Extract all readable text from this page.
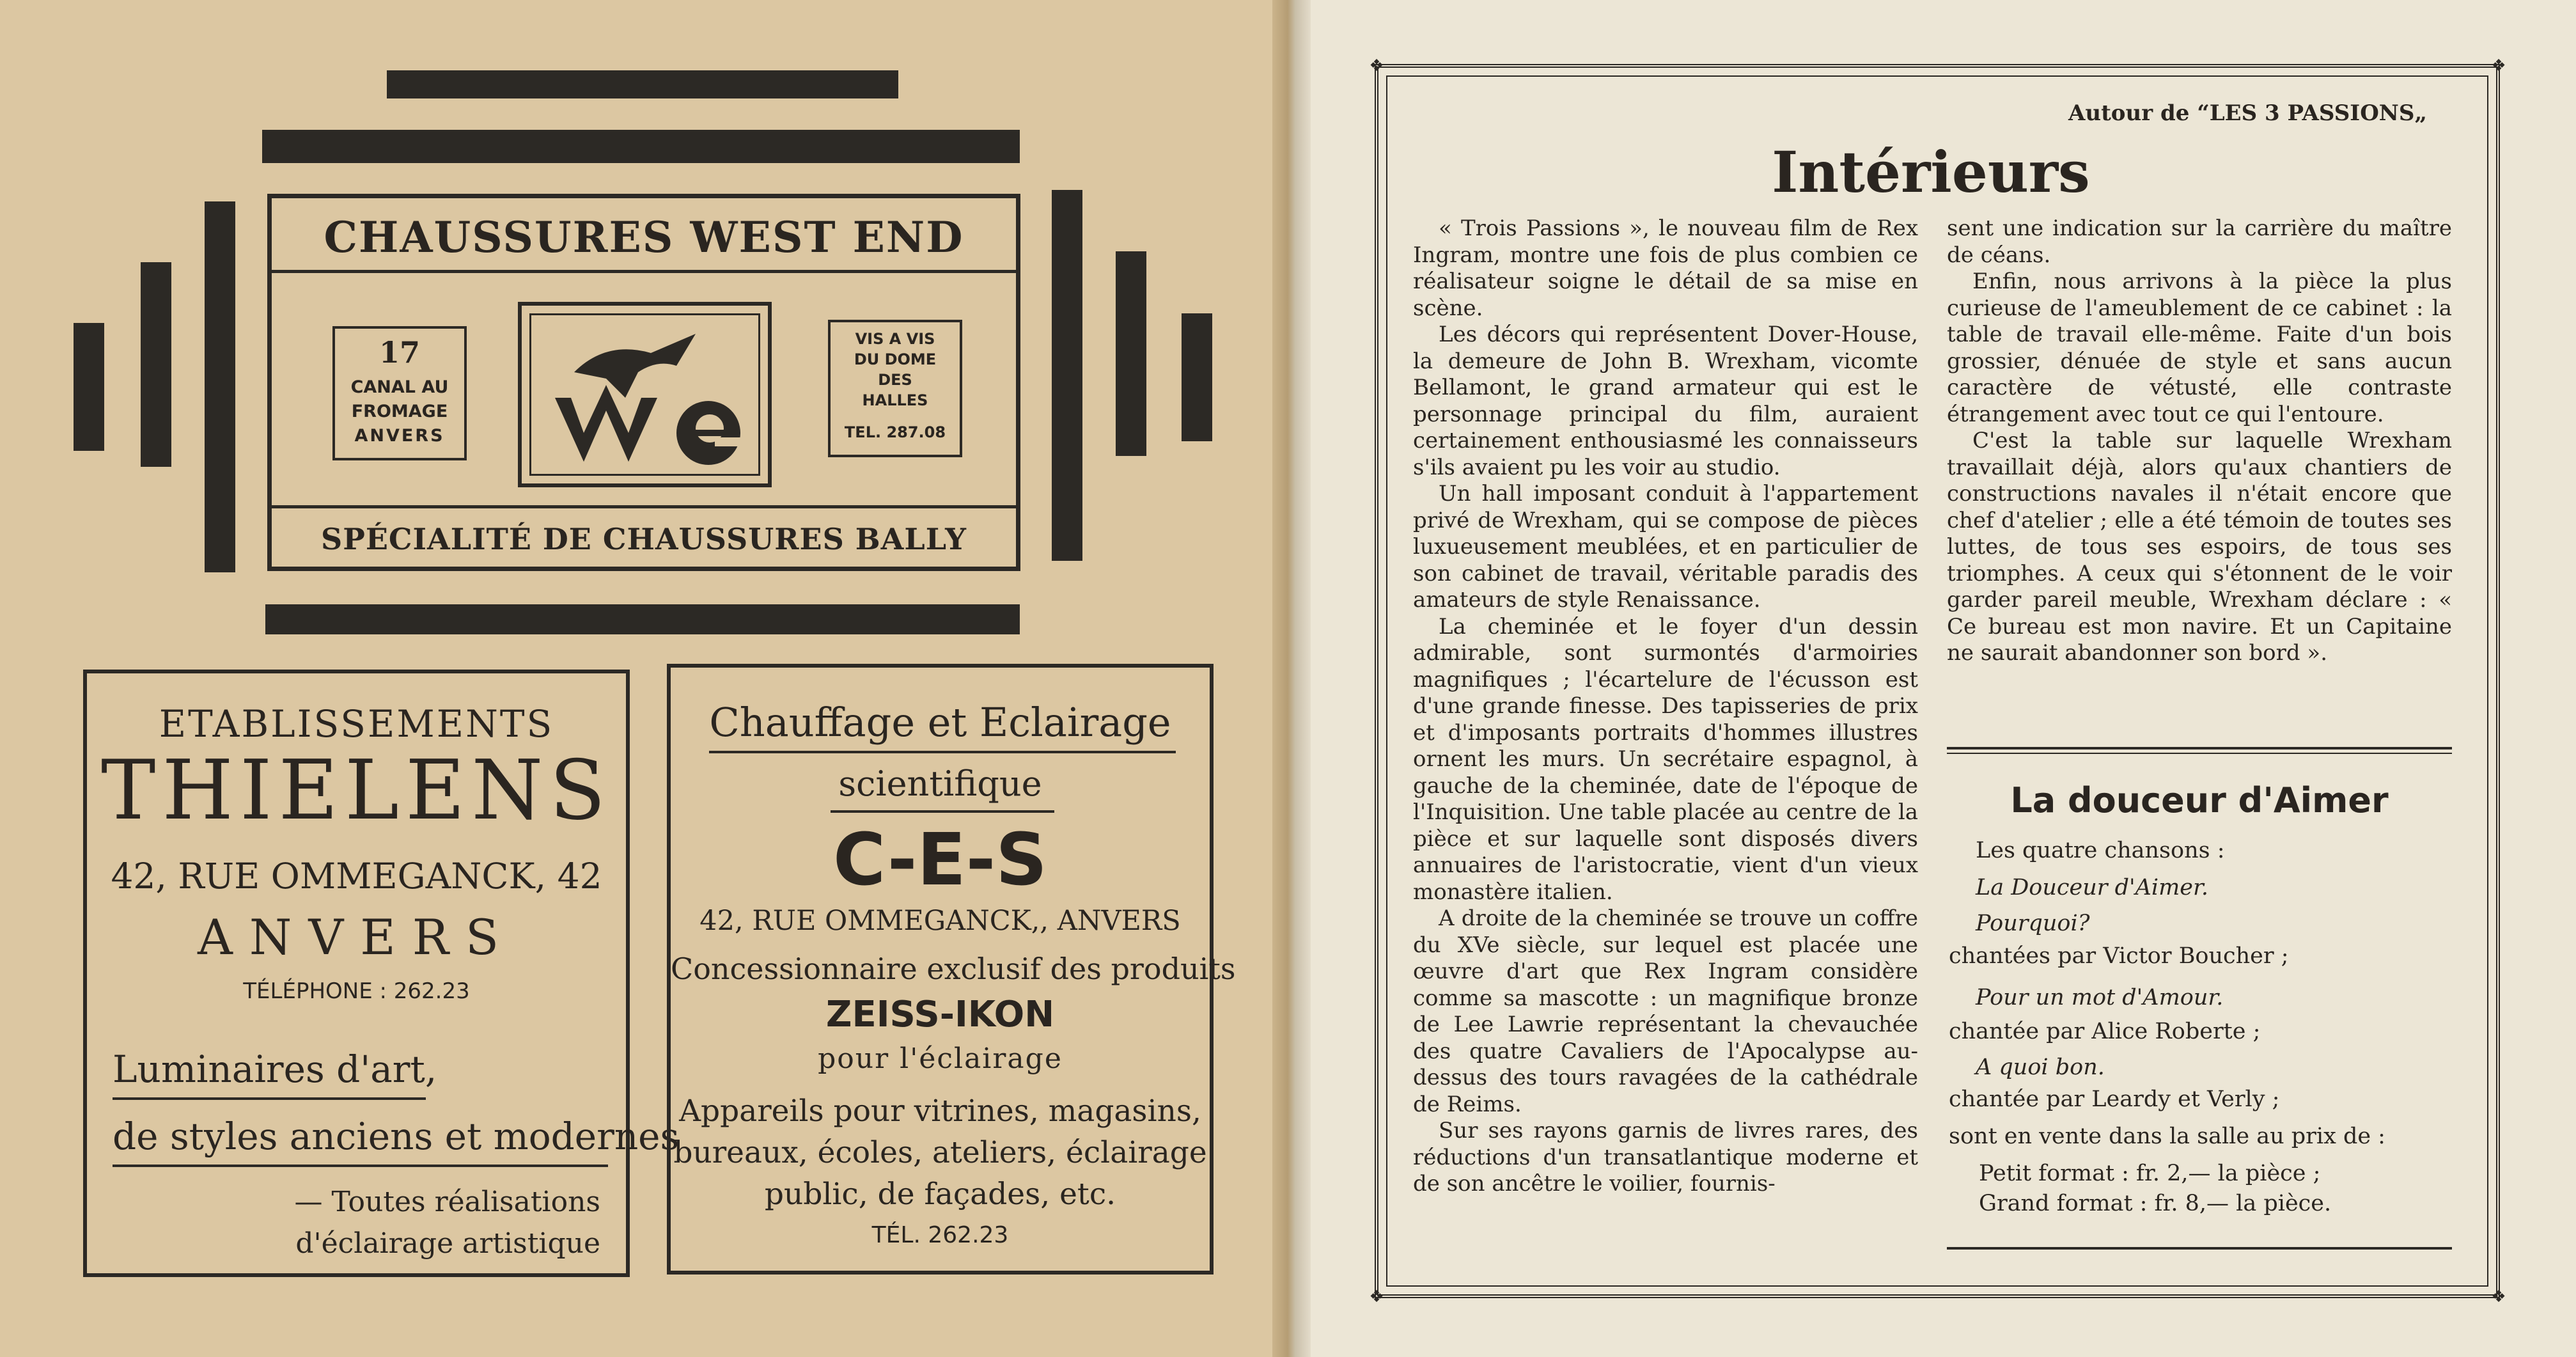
CHAUSSURES WEST END
17
CANAL AU
FROMAGE
ANVERS
VIS A VIS
DU DOME
DES
HALLES
TEL. 287.08
SPÉCIALITÉ DE CHAUSSURES BALLY
ETABLISSEMENTS
THIELENS
42, RUE OMMEGANCK, 42
ANVERS
TÉLÉPHONE : 262.23
Luminaires d'art,
de styles anciens et modernes
— Toutes réalisations
d'éclairage artistique
Chauffage et Eclairage
scientifique
C-E-S
42, RUE OMMEGANCK,, ANVERS
Concessionnaire exclusif des produits
ZEISS-IKON
pour l'éclairage
Appareils pour vitrines, magasins,
bureaux, écoles, ateliers, éclairage
public, de façades, etc.
TÉL. 262.23
❖	❖
❖	❖
Autour de “LES 3 PASSIONS„
Intérieurs

« Trois Passions », le nouveau film de Rex Ingram, montre une fois de plus combien ce réalisateur soigne le détail de sa mise en scène.

Les décors qui représentent Dover-House, la demeure de John B. Wrexham, vicomte Bellamont, le grand armateur qui est le personnage principal du film, auraient certainement enthousiasmé les connaisseurs s'ils avaient pu les voir au studio.

Un hall imposant conduit à l'appartement privé de Wrexham, qui se compose de pièces luxueusement meublées, et en particulier de son cabinet de travail, véritable paradis des amateurs de style Renaissance.

La cheminée et le foyer d'un dessin admirable, sont surmontés d'armoiries magnifiques ; l'écartelure de l'écusson est d'une grande finesse. Des tapisseries de prix et d'imposants portraits d'hommes illustres ornent les murs. Un secrétaire espagnol, à gauche de la cheminée, date de l'époque de l'Inquisition. Une table placée au centre de la pièce et sur laquelle sont disposés divers annuaires de l'aristocratie, vient d'un vieux monastère italien.

A droite de la cheminée se trouve un coffre du XVe siècle, sur lequel est placée une œuvre d'art que Rex Ingram considère comme sa mascotte : un magnifique bronze de Lee Lawrie représentant la chevauchée des quatre Cavaliers de l'Apocalypse au-dessus des tours ravagées de la cathédrale de Reims.

Sur ses rayons garnis de livres rares, des réductions d'un transatlantique moderne et de son ancêtre le voilier, fournis-

sent une indication sur la carrière du maître de céans.

Enfin, nous arrivons à la pièce la plus curieuse de l'ameublement de ce cabinet : la table de travail elle-même. Faite d'un bois grossier, dénuée de style et sans aucun caractère de vétusté, elle contraste étrangement avec tout ce qui l'entoure.

C'est la table sur laquelle Wrexham travaillait déjà, alors qu'aux chantiers de constructions navales il n'était encore que chef d'atelier ; elle a été témoin de toutes ses luttes, de tous ses espoirs, de tous ses triomphes. A ceux qui s'étonnent de le voir garder pareil meuble, Wrexham déclare : « Ce bureau est mon navire. Et un Capitaine ne saurait abandonner son bord ».

La douceur d'Aimer
Les quatre chansons :
La Douceur d'Aimer.
Pourquoi?
chantées par Victor Boucher ;
Pour un mot d'Amour.
chantée par Alice Roberte ;
A quoi bon.
chantée par Leardy et Verly ;
sont en vente dans la salle au prix de :
Petit format : fr. 2,— la pièce ;
Grand format : fr. 8,— la pièce.
